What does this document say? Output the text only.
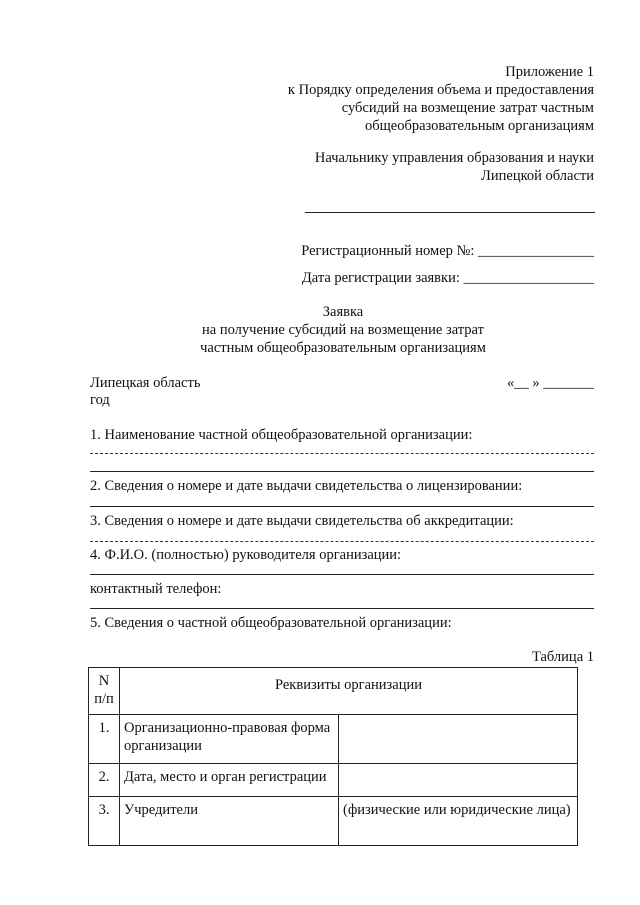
Приложение 1
к Порядку определения объема и предоставления
субсидий на возмещение затрат частным
общеобразовательным организациям
Начальнику управления образования и науки
Липецкой области
Регистрационный номер №: ________________
Дата регистрации заявки: __________________
Заявка
на получение субсидий на возмещение затрат
частным общеобразовательным организациям
Липецкая область	«__ » _______
год
1. Наименование частной общеобразовательной организации:
2. Сведения о номере и дате выдачи свидетельства о лицензировании:
3. Сведения о номере и дате выдачи свидетельства об аккредитации:
4. Ф.И.О. (полностью) руководителя организации:
контактный телефон:
5. Сведения о частной общеобразовательной организации:
Таблица 1
N п/п	Реквизиты организации	
1.	Организационно-правовая форма организации	
2.	Дата, место и орган регистрации	
3.	Учредители	(физические или юридические лица)
